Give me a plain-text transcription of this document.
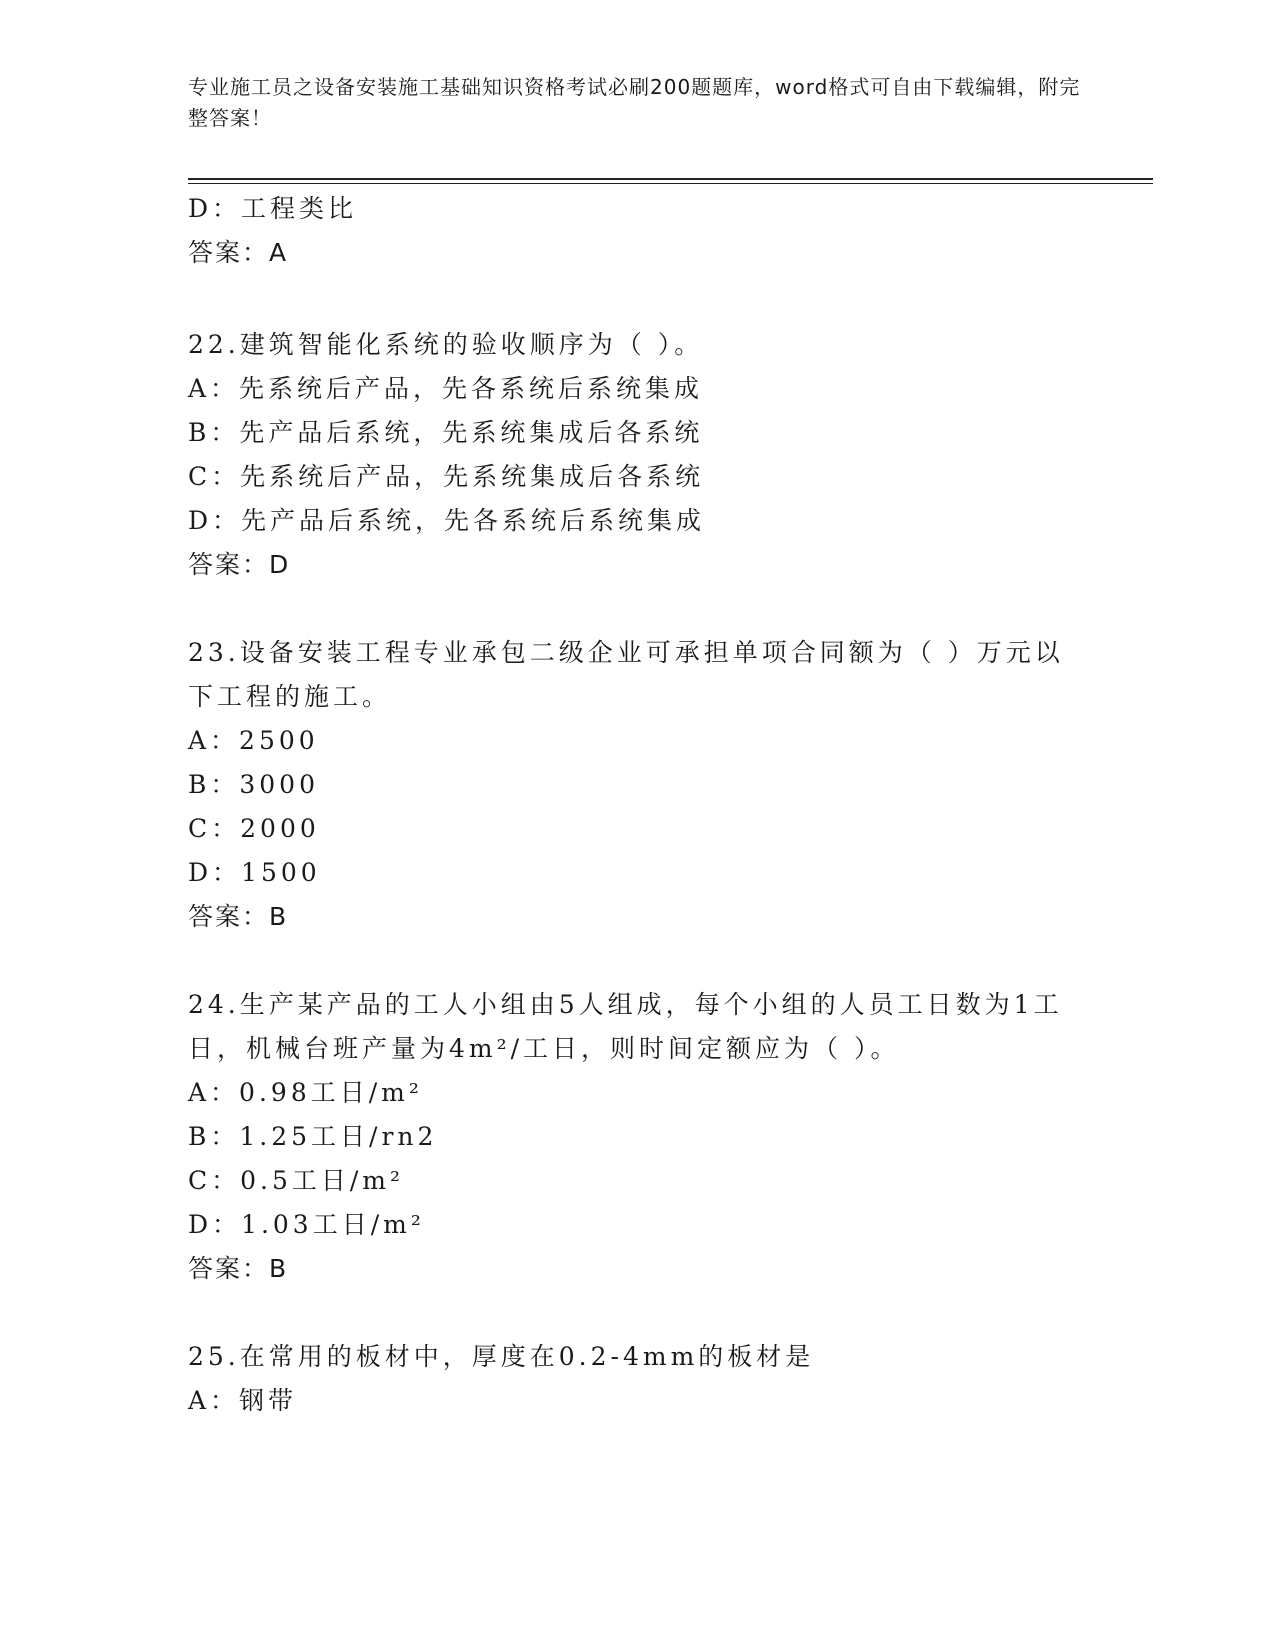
专业施工员之设备安装施工基础知识资格考试必刷200题题库，word格式可自由下载编辑，附完整答案！
D：工程类比
答案：A
22.建筑智能化系统的验收顺序为（ ）。
A：先系统后产品，先各系统后系统集成
B：先产品后系统，先系统集成后各系统
C：先系统后产品，先系统集成后各系统
D：先产品后系统，先各系统后系统集成
答案：D
23.设备安装工程专业承包二级企业可承担单项合同额为（ ）万元以
下工程的施工。
A：2500
B：3000
C：2000
D：1500
答案：B
24.生产某产品的工人小组由5人组成，每个小组的人员工日数为1工
日，机械台班产量为4m²/工日，则时间定额应为（ ）。
A：0.98工日/m²
B：1.25工日/rn2
C：0.5工日/m²
D：1.03工日/m²
答案：B
25.在常用的板材中，厚度在0.2-4mm的板材是
A：钢带
